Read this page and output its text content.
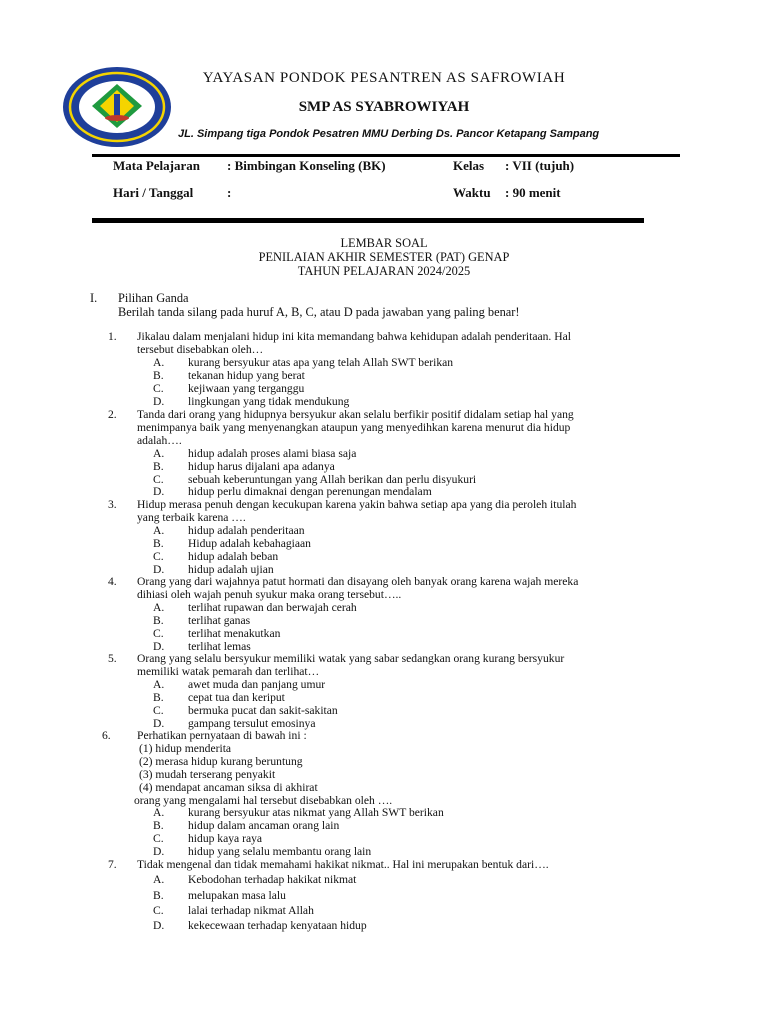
YAYASAN PONDOK PESANTREN AS SAFROWIAH
SMP AS SYABROWIYAH
JL. Simpang tiga Pondok Pesatren MMU Derbing Ds. Pancor Ketapang Sampang
Mata Pelajaran : Bimbingan Konseling (BK)	Kelas : VII (tujuh)
Hari / Tanggal	:	Waktu : 90 menit
LEMBAR SOAL
PENILAIAN AKHIR SEMESTER (PAT) GENAP
TAHUN PELAJARAN 2024/2025
I. Pilihan Ganda
Berilah tanda silang pada huruf A, B, C, atau D pada jawaban yang paling benar!
1. Jikalau dalam menjalani hidup ini kita memandang bahwa kehidupan adalah penderitaan. Hal
tersebut disebabkan oleh…
A. kurang bersyukur atas apa yang telah Allah SWT berikan
B. tekanan hidup yang berat
C. kejiwaan yang terganggu
D. lingkungan yang tidak mendukung
2. Tanda dari orang yang hidupnya bersyukur akan selalu berfikir positif didalam setiap hal yang
menimpanya baik yang menyenangkan ataupun yang menyedihkan karena menurut dia hidup
adalah….
A. hidup adalah proses alami biasa saja
B. hidup harus dijalani apa adanya
C. sebuah keberuntungan yang Allah berikan dan perlu disyukuri
D. hidup perlu dimaknai dengan perenungan mendalam
3. Hidup merasa penuh dengan kecukupan karena yakin bahwa setiap apa yang dia peroleh itulah
yang terbaik karena ….
A. hidup adalah penderitaan
B. Hidup adalah kebahagiaan
C. hidup adalah beban
D. hidup adalah ujian
4. Orang yang dari wajahnya patut hormati dan disayang oleh banyak orang karena wajah mereka
dihiasi oleh wajah penuh syukur maka orang tersebut…..
A. terlihat rupawan dan berwajah cerah
B. terlihat ganas
C. terlihat menakutkan
D. terlihat lemas
5. Orang yang selalu bersyukur memiliki watak yang sabar sedangkan orang kurang bersyukur
memiliki watak pemarah dan terlihat…
A. awet muda dan panjang umur
B. cepat tua dan keriput
C. bermuka pucat dan sakit-sakitan
D. gampang tersulut emosinya
6. Perhatikan pernyataan di bawah ini :
(1) hidup menderita
(2) merasa hidup kurang beruntung
(3) mudah terserang penyakit
(4) mendapat ancaman siksa di akhirat
orang yang mengalami hal tersebut disebabkan oleh ….
A. kurang bersyukur atas nikmat yang Allah SWT berikan
B. hidup dalam ancaman orang lain
C. hidup kaya raya
D. hidup yang selalu membantu orang lain
7. Tidak mengenal dan tidak memahami hakikat nikmat.. Hal ini merupakan bentuk dari….
A. Kebodohan terhadap hakikat nikmat
B. melupakan masa lalu
C. lalai terhadap nikmat Allah
D. kekecewaan terhadap kenyataan hidup
